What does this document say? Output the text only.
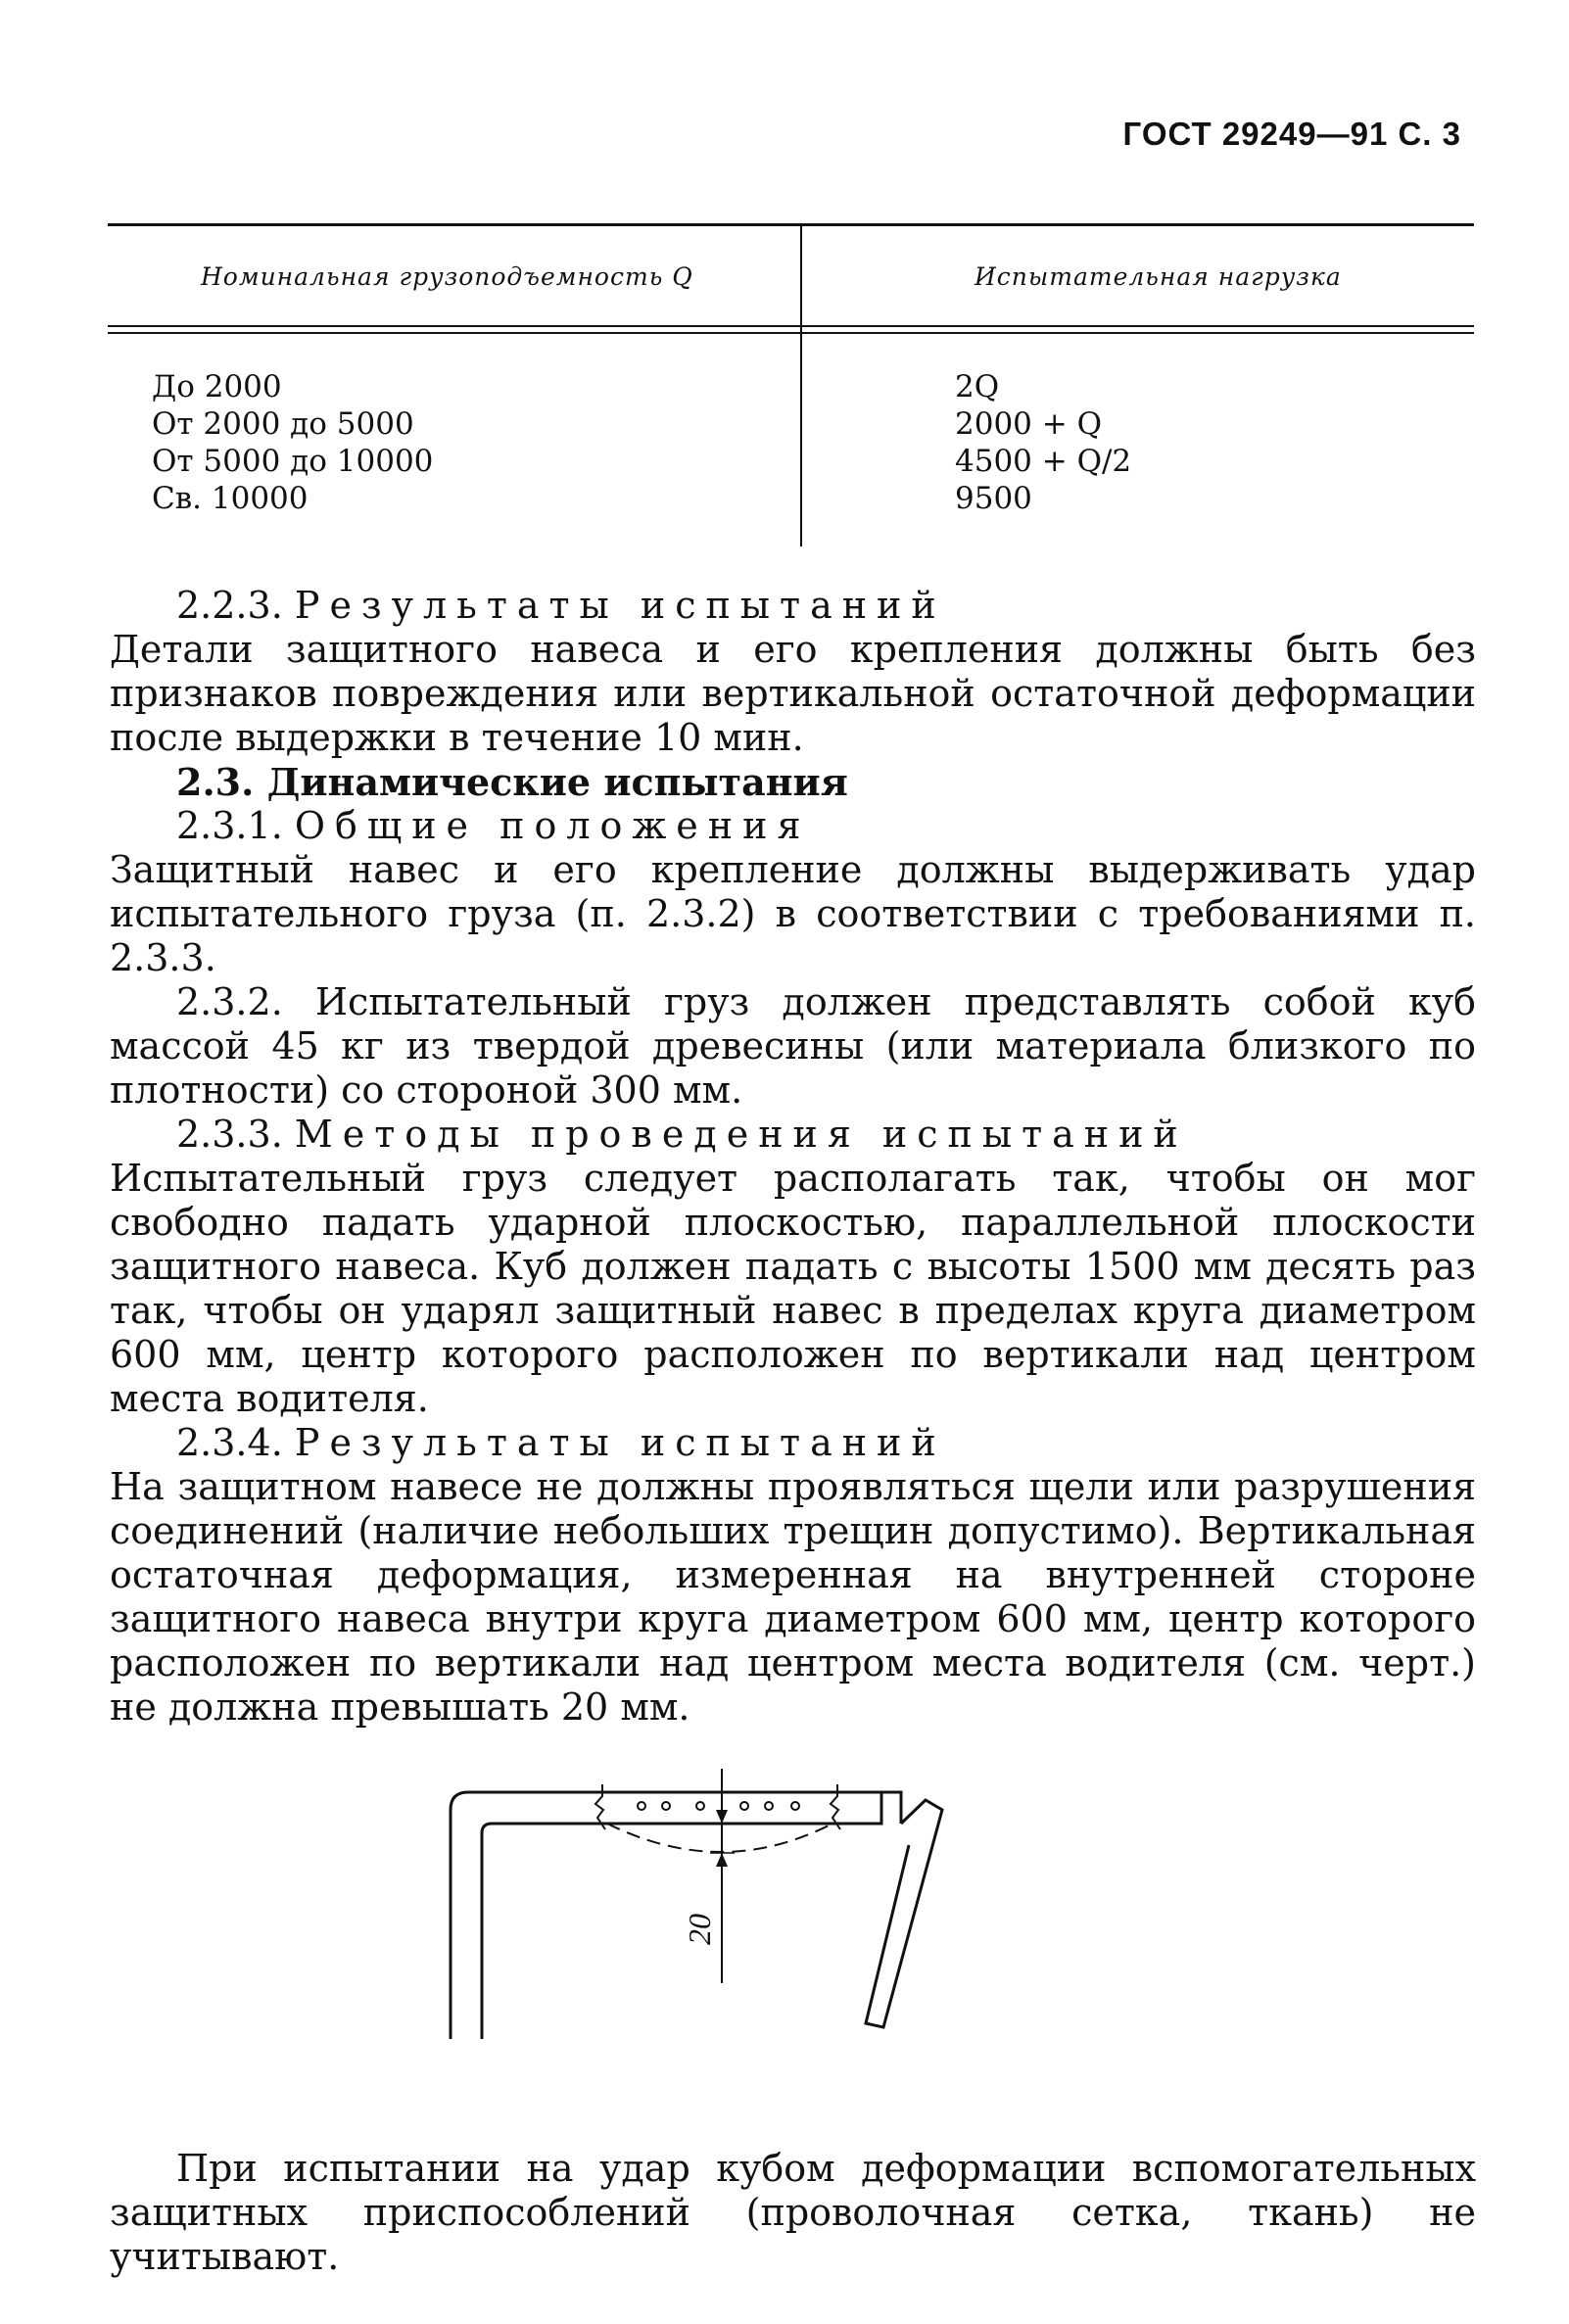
ГОСТ 29249—91 С. 3
Номинальная грузоподъемность Q	Испытательная нагрузка
До 2000
От 2000 до 5000
От 5000 до 10000
Св. 10000
2Q
2000 + Q
4500 + Q/2
9500

2.2.3. Результаты испытаний

Детали защитного навеса и его крепления должны быть без признаков повреждения или вертикальной остаточной деформации после выдержки в течение 10 мин.

2.3. Динамические испытания

2.3.1. Общие положения

Защитный навес и его крепление должны выдерживать удар испытательного груза (п. 2.3.2) в соответствии с требованиями п. 2.3.3.

2.3.2. Испытательный груз должен представлять собой куб массой 45 кг из твердой древесины (или материала близкого по плотности) со стороной 300 мм.

2.3.3. Методы проведения испытаний

Испытательный груз следует располагать так, чтобы он мог свободно падать ударной плоскостью, параллельной плоскости защитного навеса. Куб должен падать с высоты 1500 мм десять раз так, чтобы он ударял защитный навес в пределах круга диаметром 600 мм, центр которого расположен по вертикали над центром места водителя.

2.3.4. Результаты испытаний

На защитном навесе не должны проявляться щели или разрушения соединений (наличие небольших трещин допустимо). Вертикальная остаточная деформация, измеренная на внутренней стороне защитного навеса внутри круга диаметром 600 мм, центр которого расположен по вертикали над центром места водителя (см. черт.) не должна превышать 20 мм.

20

При испытании на удар кубом деформации вспомогательных защитных приспособлений (проволочная сетка, ткань) не учитывают.
